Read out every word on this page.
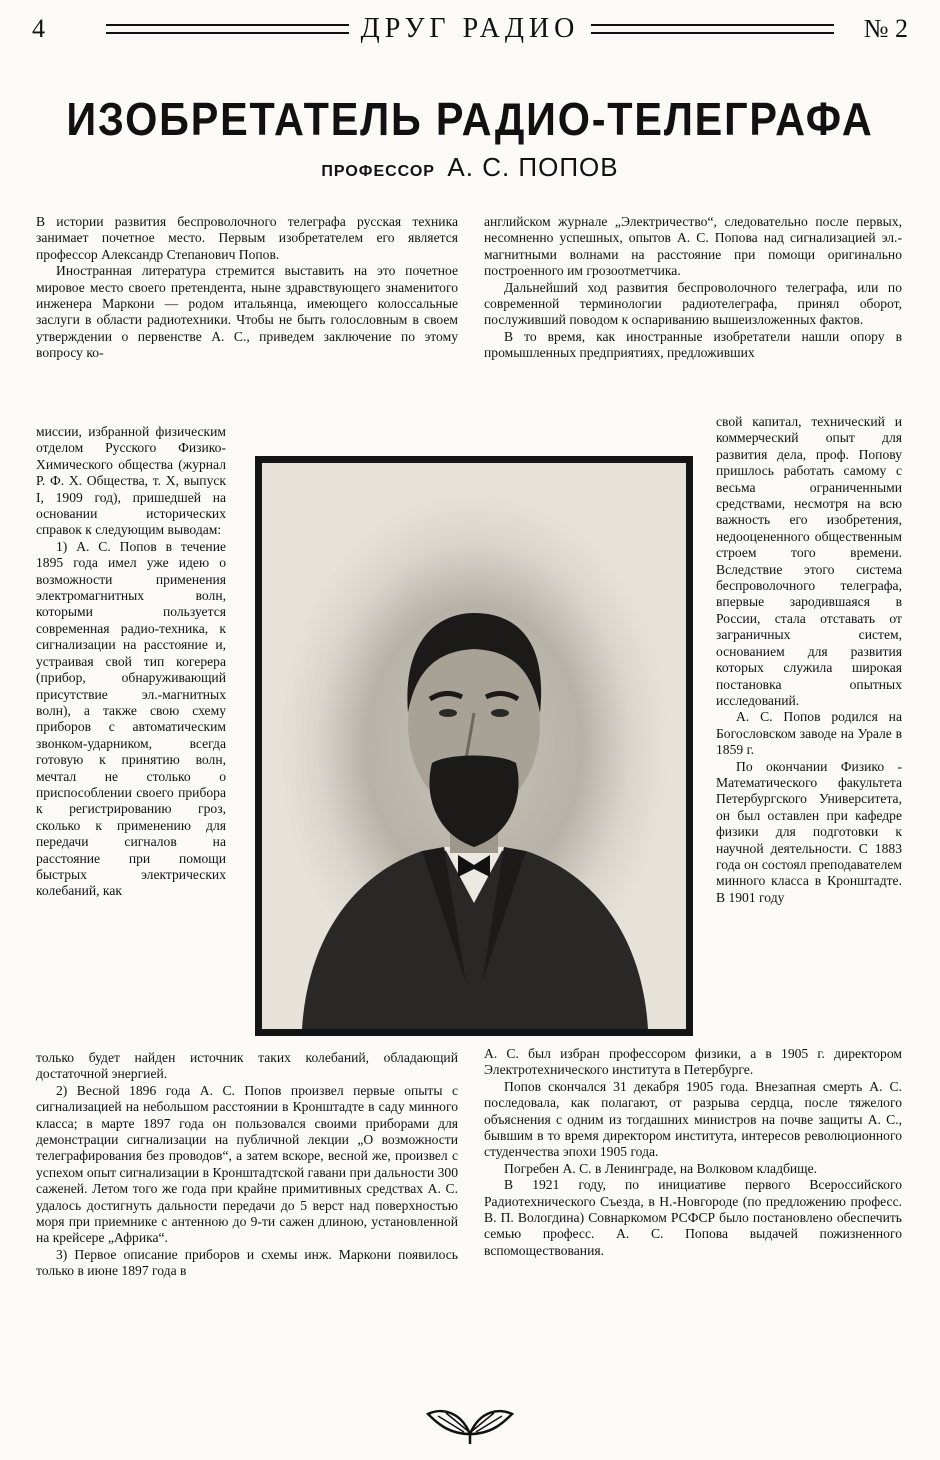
4	ДРУГ РАДИО	№ 2
ИЗОБРЕТАТЕЛЬ РАДИО-ТЕЛЕГРАФА
ПРОФЕССОР А. С. ПОПОВ

В истории развития беспроволочного телеграфа русская техника занимает почетное место. Первым изобретателем его является профессор Александр Степанович Попов.

Иностранная литература стремится выставить на это почетное мировое место своего претендента, ныне здравствующего знаменитого инженера Маркони — родом итальянца, имеющего колоссальные заслуги в области радиотехники. Чтобы не быть голословным в своем утверждении о первенстве А. С., приведем заключение по этому вопросу ко-

английском журнале „Электричество“, следовательно после первых, несомненно успешных, опытов А. С. Попова над сигнализацией эл.-магнитными волнами на расстояние при помощи оригинально построенного им грозоотметчика.

Дальнейший ход развития беспроволочного телеграфа, или по современной терминологии радиотелеграфа, принял оборот, послуживший поводом к оспариванию вышеизложенных фактов.

В то время, как иностранные изобретатели нашли опору в промышленных предприятиях, предложивших

миссии, избранной физическим отделом Русского Физико-Химического общества (журнал Р. Ф. Х. Общества, т. X, выпуск I, 1909 год), пришедшей на основании исторических справок к следующим выводам:

1) А. С. Попов в течение 1895 года имел уже идею о возможности применения электромагнитных волн, которыми пользуется современная радио-техника, к сигнализации на расстояние и, устраивая свой тип когерера (прибор, обнаруживающий присутствие эл.-магнитных волн), а также свою схему приборов с автоматическим звонком-ударником, всегда готовую к принятию волн, мечтал не столько о приспособлении своего прибора к регистрированию гроз, сколько к применению для передачи сигналов на расстояние при помощи быстрых электрических колебаний, как

свой капитал, технический и коммерческий опыт для развития дела, проф. Попову пришлось работать самому с весьма ограниченными средствами, несмотря на всю важность его изобретения, недооцененного общественным строем того времени. Вследствие этого система беспроволочного телеграфа, впервые зародившаяся в России, стала отставать от заграничных систем, основанием для развития которых служила широкая постановка опытных исследований.

А. С. Попов родился на Богословском заводе на Урале в 1859 г.

По окончании Физико - Математического факультета Петербургского Университета, он был оставлен при кафедре физики для подготовки к научной деятельности. С 1883 года он состоял преподавателем минного класса в Кронштадте. В 1901 году

только будет найден источник таких колебаний, обладающий достаточной энергией.

2) Весной 1896 года А. С. Попов произвел первые опыты с сигнализацией на небольшом расстоянии в Кронштадте в саду минного класса; в марте 1897 года он пользовался своими приборами для демонстрации сигнализации на публичной лекции „О возможности телеграфирования без проводов“, а затем вскоре, весной же, произвел с успехом опыт сигнализации в Кронштадтской гавани при дальности 300 саженей. Летом того же года при крайне примитивных средствах А. С. удалось достигнуть дальности передачи до 5 верст над поверхностью моря при приемнике с антенною до 9-ти сажен длиною, установленной на крейсере „Африка“.

3) Первое описание приборов и схемы инж. Маркони появилось только в июне 1897 года в

А. С. был избран профессором физики, а в 1905 г. директором Электротехнического института в Петербурге.

Попов скончался 31 декабря 1905 года. Внезапная смерть А. С. последовала, как полагают, от разрыва сердца, после тяжелого объяснения с одним из тогдашних министров на почве защиты А. С., бывшим в то время директором института, интересов революционного студенчества эпохи 1905 года.

Погребен А. С. в Ленинграде, на Волковом кладбище.

В 1921 году, по инициативе первого Всероссийского Радиотехнического Съезда, в Н.-Новгороде (по предложению професс. В. П. Вологдина) Совнаркомом РСФСР было постановлено обеспечить семью професс. А. С. Попова выдачей пожизненного вспомоществования.
